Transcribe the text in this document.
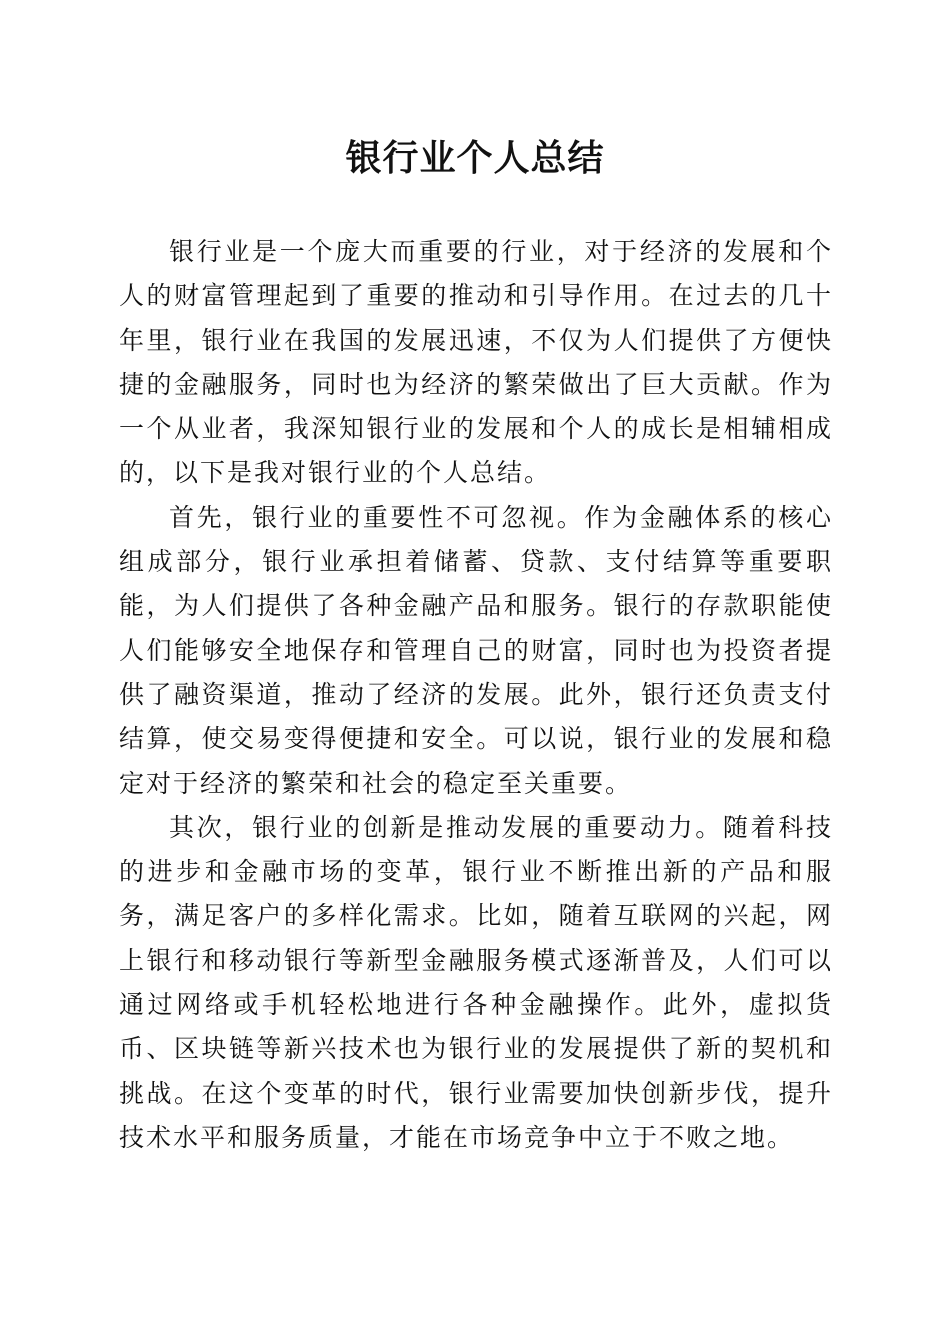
银行业个人总结

银行业是一个庞大而重要的行业，对于经济的发展和个人的财富管理起到了重要的推动和引导作用。在过去的几十年里，银行业在我国的发展迅速，不仅为人们提供了方便快捷的金融服务，同时也为经济的繁荣做出了巨大贡献。作为一个从业者，我深知银行业的发展和个人的成长是相辅相成的，以下是我对银行业的个人总结。

首先，银行业的重要性不可忽视。作为金融体系的核心组成部分，银行业承担着储蓄、贷款、支付结算等重要职能，为人们提供了各种金融产品和服务。银行的存款职能使人们能够安全地保存和管理自己的财富，同时也为投资者提供了融资渠道，推动了经济的发展。此外，银行还负责支付结算，使交易变得便捷和安全。可以说，银行业的发展和稳定对于经济的繁荣和社会的稳定至关重要。

其次，银行业的创新是推动发展的重要动力。随着科技的进步和金融市场的变革，银行业不断推出新的产品和服务，满足客户的多样化需求。比如，随着互联网的兴起，网上银行和移动银行等新型金融服务模式逐渐普及，人们可以通过网络或手机轻松地进行各种金融操作。此外，虚拟货币、区块链等新兴技术也为银行业的发展提供了新的契机和挑战。在这个变革的时代，银行业需要加快创新步伐，提升技术水平和服务质量，才能在市场竞争中立于不败之地。
